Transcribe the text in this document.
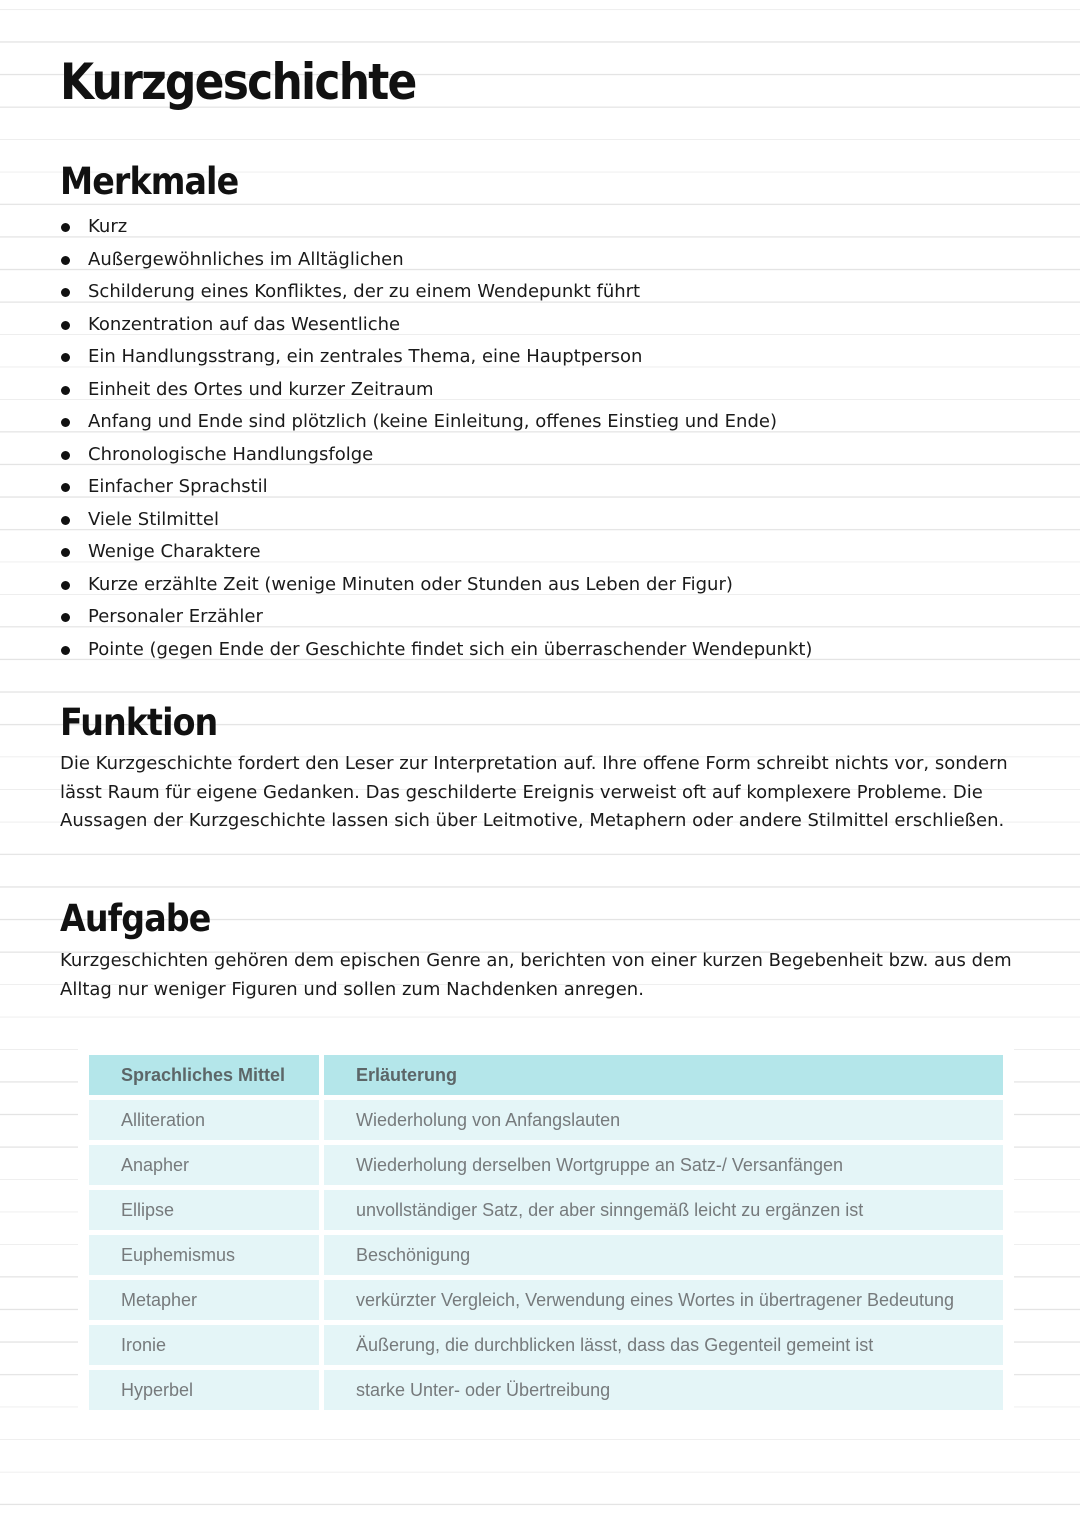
Kurzgeschichte
Merkmale
Kurz
Außergewöhnliches im Alltäglichen
Schilderung eines Konfliktes, der zu einem Wendepunkt führt
Konzentration auf das Wesentliche
Ein Handlungsstrang, ein zentrales Thema, eine Hauptperson
Einheit des Ortes und kurzer Zeitraum
Anfang und Ende sind plötzlich (keine Einleitung, offenes Einstieg und Ende)
Chronologische Handlungsfolge
Einfacher Sprachstil
Viele Stilmittel
Wenige Charaktere
Kurze erzählte Zeit (wenige Minuten oder Stunden aus Leben der Figur)
Personaler Erzähler
Pointe (gegen Ende der Geschichte findet sich ein überraschender Wendepunkt)
Funktion

Die Kurzgeschichte fordert den Leser zur Interpretation auf. Ihre offene Form schreibt nichts vor, sondern lässt Raum für eigene Gedanken. Das geschilderte Ereignis verweist oft auf komplexere Probleme. Die Aussagen der Kurzgeschichte lassen sich über Leitmotive, Metaphern oder andere Stilmittel erschließen.

Aufgabe

Kurzgeschichten gehören dem epischen Genre an, berichten von einer kurzen Begebenheit bzw. aus dem Alltag nur weniger Figuren und sollen zum Nachdenken anregen.

Sprachliches Mittel	Erläuterung
Alliteration	Wiederholung von Anfangslauten
Anapher	Wiederholung derselben Wortgruppe an Satz-/ Versanfängen
Ellipse	unvollständiger Satz, der aber sinngemäß leicht zu ergänzen ist
Euphemismus	Beschönigung
Metapher	verkürzter Vergleich, Verwendung eines Wortes in übertragener Bedeutung
Ironie	Äußerung, die durchblicken lässt, dass das Gegenteil gemeint ist
Hyperbel	starke Unter- oder Übertreibung
